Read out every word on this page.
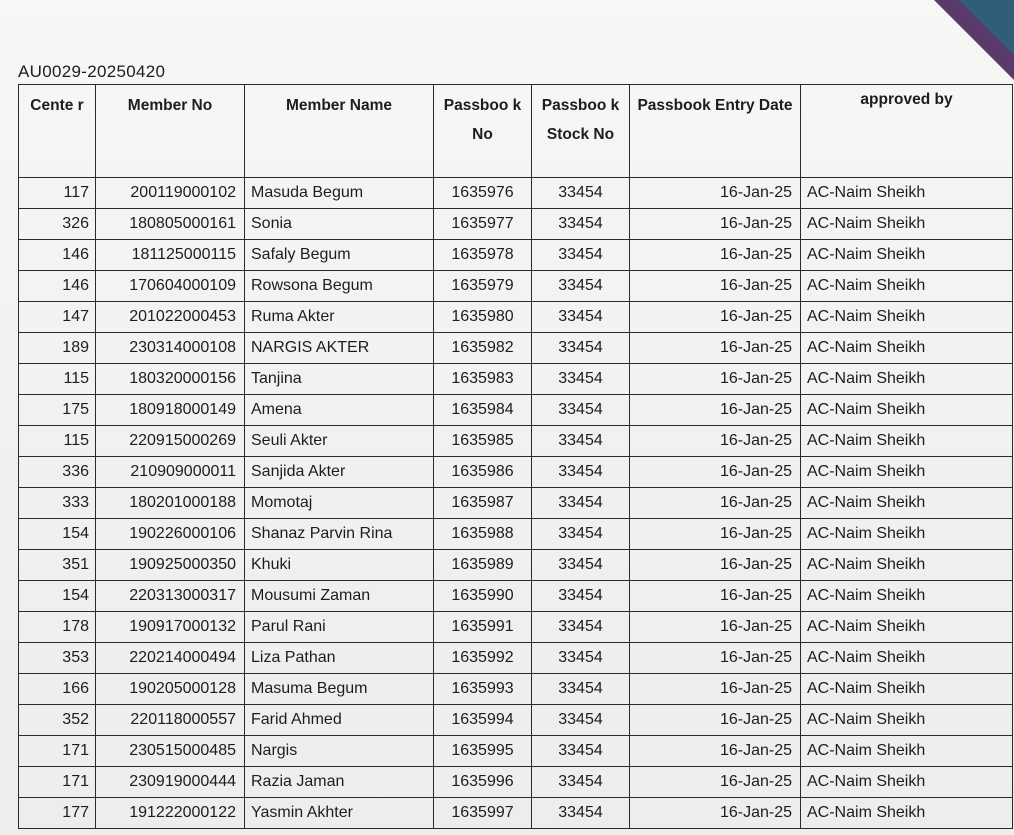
AU0029-20250420
Cente r	Member No	Member Name	Passboo k No	Passboo k Stock No	Passbook Entry Date	approved by
117	200119000102	Masuda Begum	1635976	33454	16-Jan-25	AC-Naim Sheikh
326	180805000161	Sonia	1635977	33454	16-Jan-25	AC-Naim Sheikh
146	181125000115	Safaly Begum	1635978	33454	16-Jan-25	AC-Naim Sheikh
146	170604000109	Rowsona Begum	1635979	33454	16-Jan-25	AC-Naim Sheikh
147	201022000453	Ruma Akter	1635980	33454	16-Jan-25	AC-Naim Sheikh
189	230314000108	NARGIS AKTER	1635982	33454	16-Jan-25	AC-Naim Sheikh
115	180320000156	Tanjina	1635983	33454	16-Jan-25	AC-Naim Sheikh
175	180918000149	Amena	1635984	33454	16-Jan-25	AC-Naim Sheikh
115	220915000269	Seuli Akter	1635985	33454	16-Jan-25	AC-Naim Sheikh
336	210909000011	Sanjida Akter	1635986	33454	16-Jan-25	AC-Naim Sheikh
333	180201000188	Momotaj	1635987	33454	16-Jan-25	AC-Naim Sheikh
154	190226000106	Shanaz Parvin Rina	1635988	33454	16-Jan-25	AC-Naim Sheikh
351	190925000350	Khuki	1635989	33454	16-Jan-25	AC-Naim Sheikh
154	220313000317	Mousumi Zaman	1635990	33454	16-Jan-25	AC-Naim Sheikh
178	190917000132	Parul Rani	1635991	33454	16-Jan-25	AC-Naim Sheikh
353	220214000494	Liza Pathan	1635992	33454	16-Jan-25	AC-Naim Sheikh
166	190205000128	Masuma Begum	1635993	33454	16-Jan-25	AC-Naim Sheikh
352	220118000557	Farid Ahmed	1635994	33454	16-Jan-25	AC-Naim Sheikh
171	230515000485	Nargis	1635995	33454	16-Jan-25	AC-Naim Sheikh
171	230919000444	Razia Jaman	1635996	33454	16-Jan-25	AC-Naim Sheikh
177	191222000122	Yasmin Akhter	1635997	33454	16-Jan-25	AC-Naim Sheikh
